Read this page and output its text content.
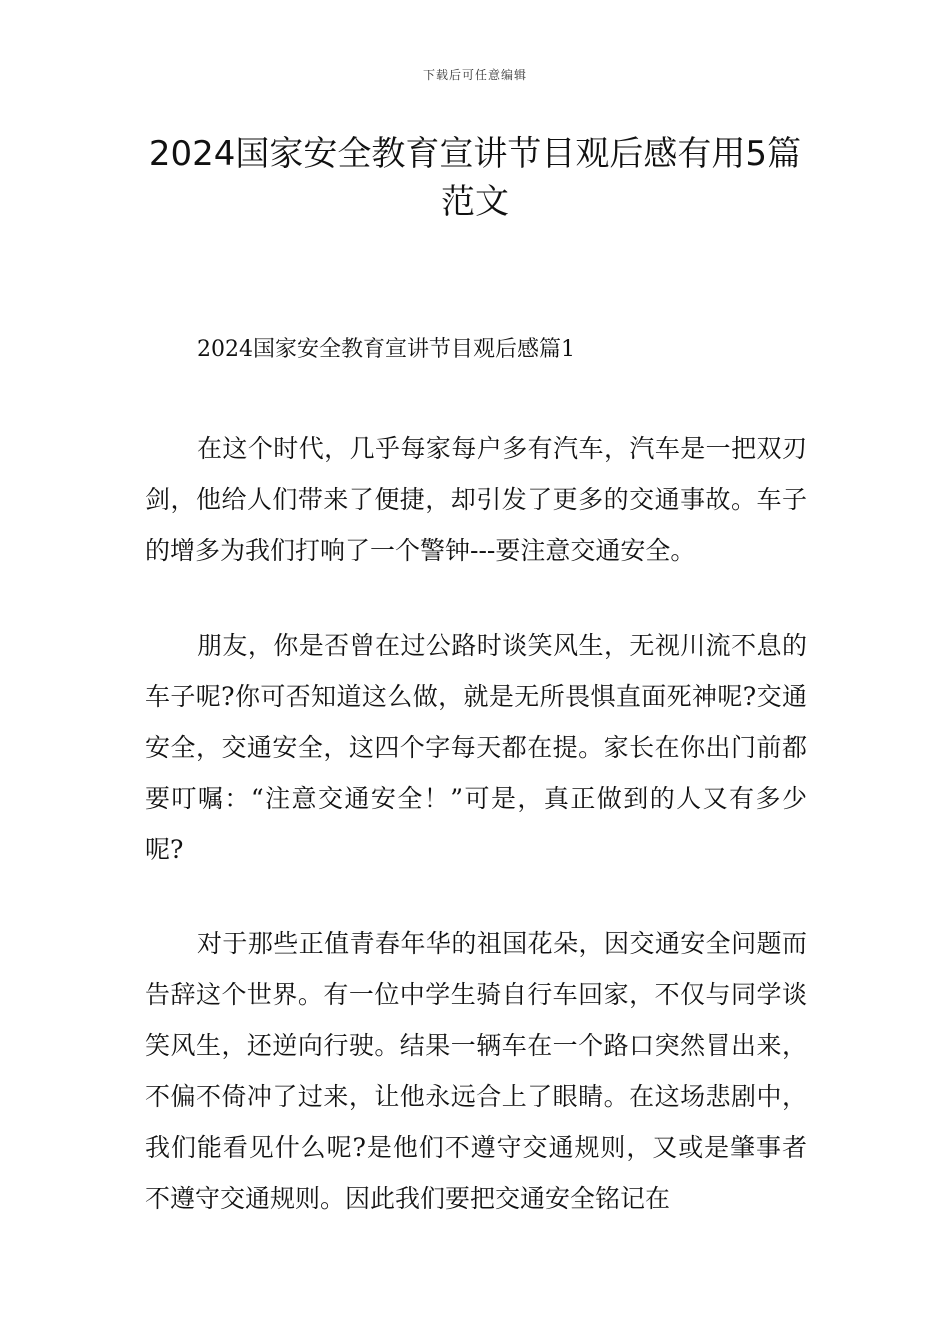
下载后可任意编辑
2024国家安全教育宣讲节目观后感有用5篇范文
2024国家安全教育宣讲节目观后感篇1

在这个时代，几乎每家每户多有汽车，汽车是一把双刃剑，他给人们带来了便捷，却引发了更多的交通事故。车子的增多为我们打响了一个警钟---要注意交通安全。

朋友，你是否曾在过公路时谈笑风生，无视川流不息的车子呢?你可否知道这么做，就是无所畏惧直面死神呢?交通安全，交通安全，这四个字每天都在提。家长在你出门前都要叮嘱：“注意交通安全！”可是，真正做到的人又有多少呢?

对于那些正值青春年华的祖国花朵，因交通安全问题而告辞这个世界。有一位中学生骑自行车回家，不仅与同学谈笑风生，还逆向行驶。结果一辆车在一个路口突然冒出来，不偏不倚冲了过来，让他永远合上了眼睛。在这场悲剧中，我们能看见什么呢?是他们不遵守交通规则，又或是肇事者不遵守交通规则。因此我们要把交通安全铭记在
